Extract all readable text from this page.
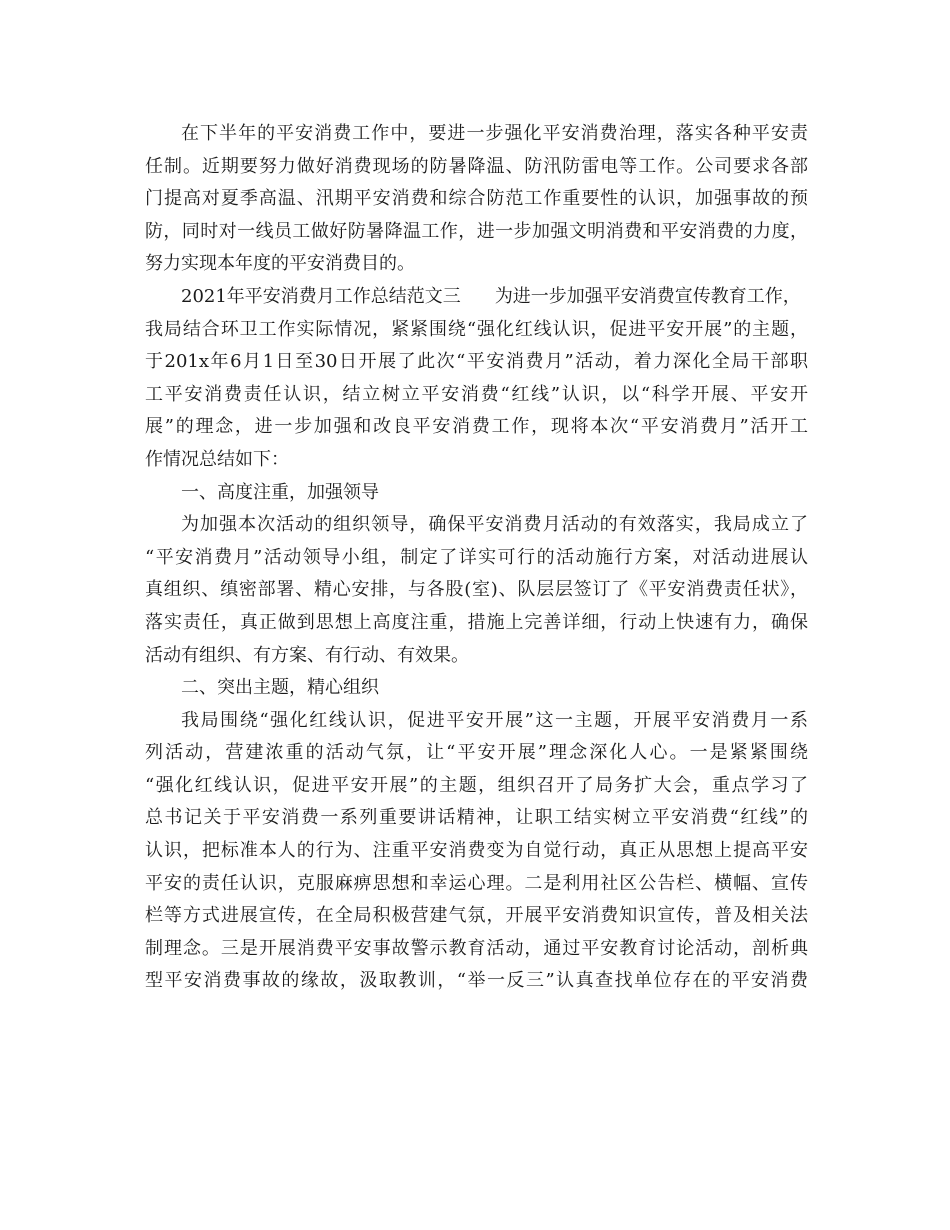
在下半年的平安消费工作中，要进一步强化平安消费治理，落实各种平安责
任制。近期要努力做好消费现场的防暑降温、防汛防雷电等工作。公司要求各部
门提高对夏季高温、汛期平安消费和综合防范工作重要性的认识，加强事故的预
防，同时对一线员工做好防暑降温工作，进一步加强文明消费和平安消费的力度，
努力实现本年度的平安消费目的。
2021年平安消费月工作总结范文三 为进一步加强平安消费宣传教育工作，
我局结合环卫工作实际情况，紧紧围绕“强化红线认识，促进平安开展”的主题，
于201x年6月1日至30日开展了此次“平安消费月”活动，着力深化全局干部职
工平安消费责任认识，结立树立平安消费“红线”认识，以“科学开展、平安开
展”的理念，进一步加强和改良平安消费工作，现将本次“平安消费月”活开工
作情况总结如下：
一、高度注重，加强领导
为加强本次活动的组织领导，确保平安消费月活动的有效落实，我局成立了
“平安消费月”活动领导小组，制定了详实可行的活动施行方案，对活动进展认
真组织、缜密部署、精心安排，与各股(室)、队层层签订了《平安消费责任状》，
落实责任，真正做到思想上高度注重，措施上完善详细，行动上快速有力，确保
活动有组织、有方案、有行动、有效果。
二、突出主题，精心组织
我局围绕“强化红线认识，促进平安开展”这一主题，开展平安消费月一系
列活动，营建浓重的活动气氛，让“平安开展”理念深化人心。一是紧紧围绕
“强化红线认识，促进平安开展”的主题，组织召开了局务扩大会，重点学习了
总书记关于平安消费一系列重要讲话精神，让职工结实树立平安消费“红线”的
认识，把标准本人的行为、注重平安消费变为自觉行动，真正从思想上提高平安
平安的责任认识，克服麻痹思想和幸运心理。二是利用社区公告栏、横幅、宣传
栏等方式进展宣传，在全局积极营建气氛，开展平安消费知识宣传，普及相关法
制理念。三是开展消费平安事故警示教育活动，通过平安教育讨论活动，剖析典
型平安消费事故的缘故，汲取教训，“举一反三”认真查找单位存在的平安消费
